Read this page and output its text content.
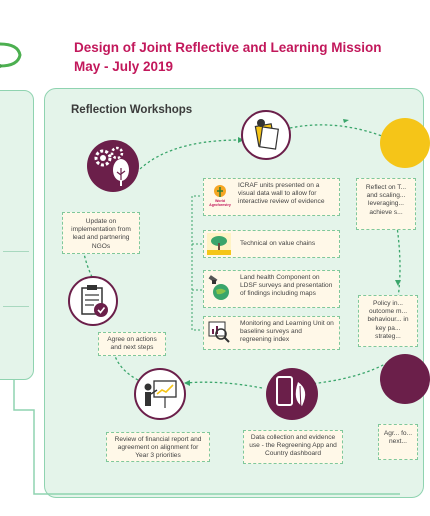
Design of Joint Reflective and Learning Mission
May - July 2019
Reflection Workshops
Update on implementation from lead and partnering NGOs
Reflect on T... and scaling... leveraging... achieve s...
Policy in... outcome m... behaviour... in key pa... strateg...
Agree on actions and next steps
Agr... fo... next...
Data collection and evidence use - the Regreening App and Country dashboard
Review of financial report and agreement on alignment for Year 3 priorities
ICRAF units presented on a visual data wall to allow for interactive review of evidence
World Agroforestry
Technical on value chains
Land health Component on LDSF surveys and presentation of findings including maps
Monitoring and Learning Unit on baseline surveys and regreening index
